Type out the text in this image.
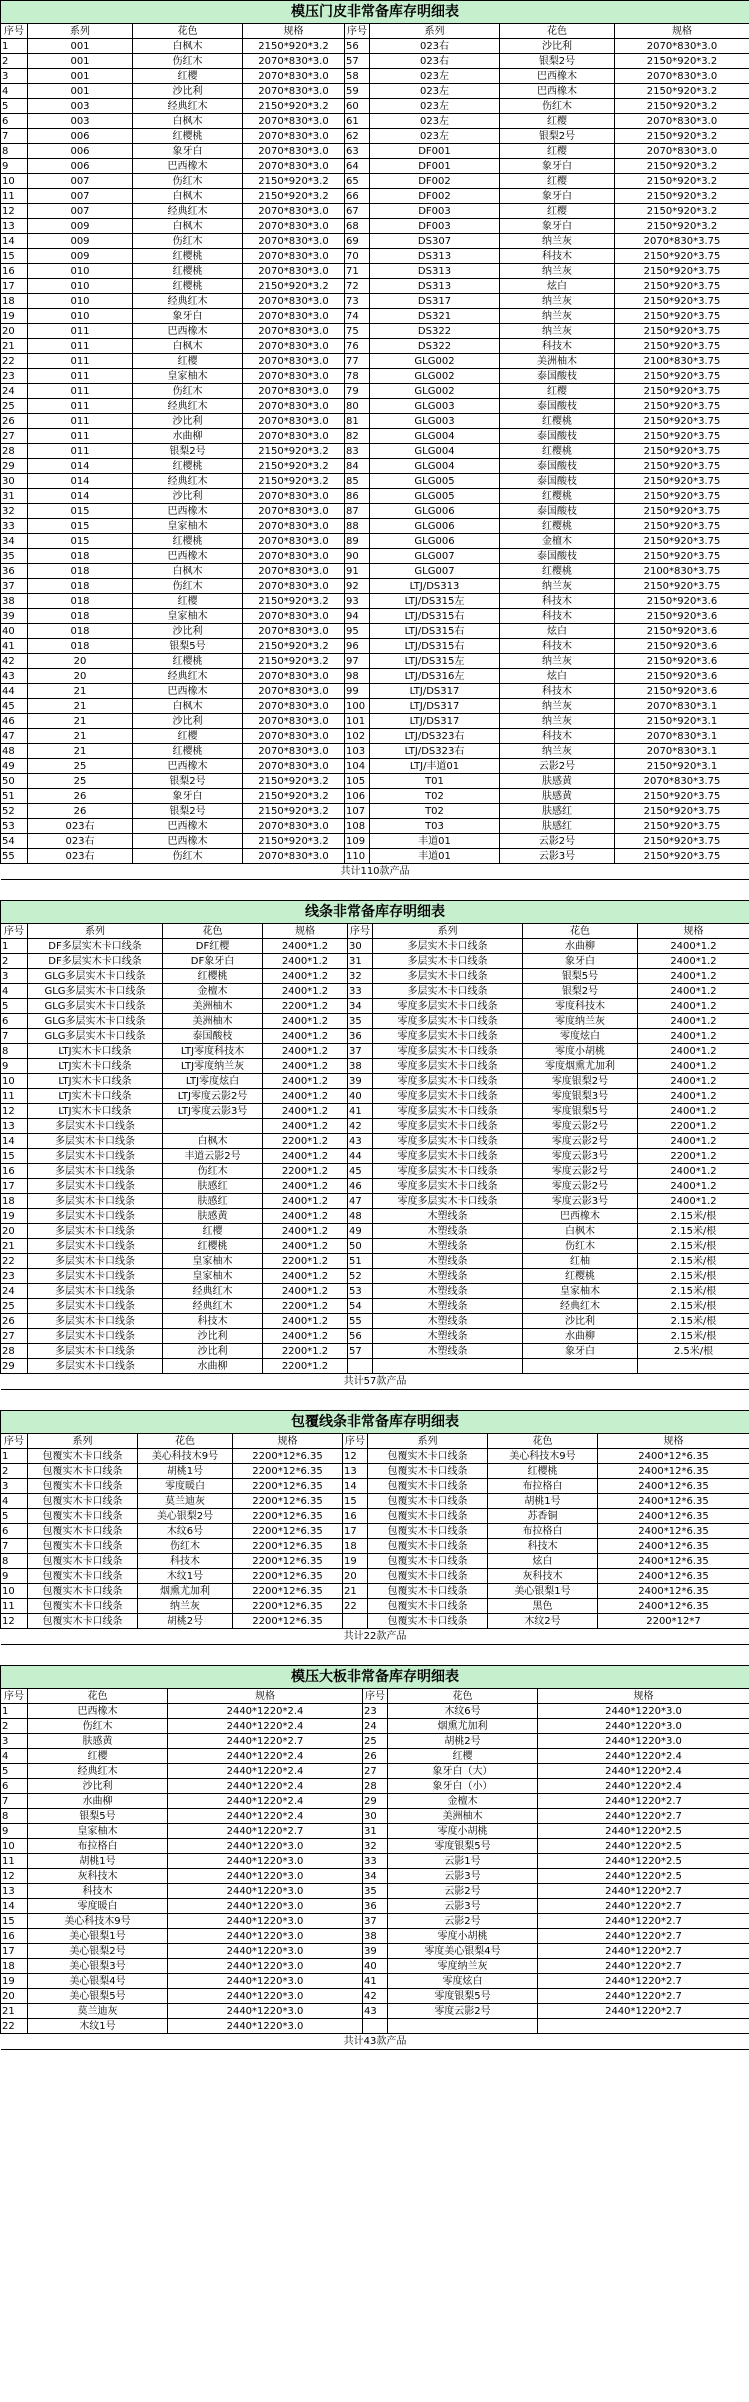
模压门皮非常备库存明细表							
序号	系列	花色	规格	序号	系列	花色	规格
1	001	白枫木	2150*920*3.2	56	023右	沙比利	2070*830*3.0
2	001	伤红木	2070*830*3.0	57	023右	银梨2号	2150*920*3.2
3	001	红樱	2070*830*3.0	58	023左	巴西橡木	2070*830*3.0
4	001	沙比利	2070*830*3.0	59	023左	巴西橡木	2150*920*3.2
5	003	经典红木	2150*920*3.2	60	023左	伤红木	2150*920*3.2
6	003	白枫木	2070*830*3.0	61	023左	红樱	2070*830*3.0
7	006	红樱桃	2070*830*3.0	62	023左	银梨2号	2150*920*3.2
8	006	象牙白	2070*830*3.0	63	DF001	红樱	2070*830*3.0
9	006	巴西橡木	2070*830*3.0	64	DF001	象牙白	2150*920*3.2
10	007	伤红木	2150*920*3.2	65	DF002	红樱	2150*920*3.2
11	007	白枫木	2150*920*3.2	66	DF002	象牙白	2150*920*3.2
12	007	经典红木	2070*830*3.0	67	DF003	红樱	2150*920*3.2
13	009	白枫木	2070*830*3.0	68	DF003	象牙白	2150*920*3.2
14	009	伤红木	2070*830*3.0	69	DS307	纳兰灰	2070*830*3.75
15	009	红樱桃	2070*830*3.0	70	DS313	科技木	2150*920*3.75
16	010	红樱桃	2070*830*3.0	71	DS313	纳兰灰	2150*920*3.75
17	010	红樱桃	2150*920*3.2	72	DS313	炫白	2150*920*3.75
18	010	经典红木	2070*830*3.0	73	DS317	纳兰灰	2150*920*3.75
19	010	象牙白	2070*830*3.0	74	DS321	纳兰灰	2150*920*3.75
20	011	巴西橡木	2070*830*3.0	75	DS322	纳兰灰	2150*920*3.75
21	011	白枫木	2070*830*3.0	76	DS322	科技木	2150*920*3.75
22	011	红樱	2070*830*3.0	77	GLG002	美洲柚木	2100*830*3.75
23	011	皇家柚木	2070*830*3.0	78	GLG002	泰国酸枝	2150*920*3.75
24	011	伤红木	2070*830*3.0	79	GLG002	红樱	2150*920*3.75
25	011	经典红木	2070*830*3.0	80	GLG003	泰国酸枝	2150*920*3.75
26	011	沙比利	2070*830*3.0	81	GLG003	红樱桃	2150*920*3.75
27	011	水曲柳	2070*830*3.0	82	GLG004	泰国酸枝	2150*920*3.75
28	011	银梨2号	2150*920*3.2	83	GLG004	红樱桃	2150*920*3.75
29	014	红樱桃	2150*920*3.2	84	GLG004	泰国酸枝	2150*920*3.75
30	014	经典红木	2150*920*3.2	85	GLG005	泰国酸枝	2150*920*3.75
31	014	沙比利	2070*830*3.0	86	GLG005	红樱桃	2150*920*3.75
32	015	巴西橡木	2070*830*3.0	87	GLG006	泰国酸枝	2150*920*3.75
33	015	皇家柚木	2070*830*3.0	88	GLG006	红樱桃	2150*920*3.75
34	015	红樱桃	2070*830*3.0	89	GLG006	金檀木	2150*920*3.75
35	018	巴西橡木	2070*830*3.0	90	GLG007	泰国酸枝	2150*920*3.75
36	018	白枫木	2070*830*3.0	91	GLG007	红樱桃	2100*830*3.75
37	018	伤红木	2070*830*3.0	92	LTJ/DS313	纳兰灰	2150*920*3.75
38	018	红樱	2150*920*3.2	93	LTJ/DS315左	科技木	2150*920*3.6
39	018	皇家柚木	2070*830*3.0	94	LTJ/DS315右	科技木	2150*920*3.6
40	018	沙比利	2070*830*3.0	95	LTJ/DS315右	炫白	2150*920*3.6
41	018	银梨5号	2150*920*3.2	96	LTJ/DS315右	科技木	2150*920*3.6
42	20	红樱桃	2150*920*3.2	97	LTJ/DS315左	纳兰灰	2150*920*3.6
43	20	经典红木	2070*830*3.0	98	LTJ/DS316左	炫白	2150*920*3.6
44	21	巴西橡木	2070*830*3.0	99	LTJ/DS317	科技木	2150*920*3.6
45	21	白枫木	2070*830*3.0	100	LTJ/DS317	纳兰灰	2070*830*3.1
46	21	沙比利	2070*830*3.0	101	LTJ/DS317	纳兰灰	2150*920*3.1
47	21	红樱	2070*830*3.0	102	LTJ/DS323右	科技木	2070*830*3.1
48	21	红樱桃	2070*830*3.0	103	LTJ/DS323右	纳兰灰	2070*830*3.1
49	25	巴西橡木	2070*830*3.0	104	LTJ/丰道01	云影2号	2150*920*3.1
50	25	银梨2号	2150*920*3.2	105	T01	肤感黄	2070*830*3.75
51	26	象牙白	2150*920*3.2	106	T02	肤感黄	2150*920*3.75
52	26	银梨2号	2150*920*3.2	107	T02	肤感红	2150*920*3.75
53	023右	巴西橡木	2070*830*3.0	108	T03	肤感红	2150*920*3.75
54	023右	巴西橡木	2150*920*3.2	109	丰道01	云影2号	2150*920*3.75
55	023右	伤红木	2070*830*3.0	110	丰道01	云影3号	2150*920*3.75
共计110款产品							
线条非常备库存明细表							
序号	系列	花色	规格	序号	系列	花色	规格
1	DF多层实木卡口线条	DF红樱	2400*1.2	30	多层实木卡口线条	水曲柳	2400*1.2
2	DF多层实木卡口线条	DF象牙白	2400*1.2	31	多层实木卡口线条	象牙白	2400*1.2
3	GLG多层实木卡口线条	红樱桃	2400*1.2	32	多层实木卡口线条	银梨5号	2400*1.2
4	GLG多层实木卡口线条	金檀木	2400*1.2	33	多层实木卡口线条	银梨2号	2400*1.2
5	GLG多层实木卡口线条	美洲柚木	2200*1.2	34	零度多层实木卡口线条	零度科技木	2400*1.2
6	GLG多层实木卡口线条	美洲柚木	2400*1.2	35	零度多层实木卡口线条	零度纳兰灰	2400*1.2
7	GLG多层实木卡口线条	泰国酸枝	2400*1.2	36	零度多层实木卡口线条	零度炫白	2400*1.2
8	LTJ实木卡口线条	LTJ零度科技木	2400*1.2	37	零度多层实木卡口线条	零度小胡桃	2400*1.2
9	LTJ实木卡口线条	LTJ零度纳兰灰	2400*1.2	38	零度多层实木卡口线条	零度烟熏尤加利	2400*1.2
10	LTJ实木卡口线条	LTJ零度炫白	2400*1.2	39	零度多层实木卡口线条	零度银梨2号	2400*1.2
11	LTJ实木卡口线条	LTJ零度云影2号	2400*1.2	40	零度多层实木卡口线条	零度银梨3号	2400*1.2
12	LTJ实木卡口线条	LTJ零度云影3号	2400*1.2	41	零度多层实木卡口线条	零度银梨5号	2400*1.2
13	多层实木卡口线条		2400*1.2	42	零度多层实木卡口线条	零度云影2号	2200*1.2
14	多层实木卡口线条	白枫木	2200*1.2	43	零度多层实木卡口线条	零度云影2号	2400*1.2
15	多层实木卡口线条	丰道云影2号	2400*1.2	44	零度多层实木卡口线条	零度云影3号	2200*1.2
16	多层实木卡口线条	伤红木	2200*1.2	45	零度多层实木卡口线条	零度云影2号	2400*1.2
17	多层实木卡口线条	肤感红	2400*1.2	46	零度多层实木卡口线条	零度云影2号	2400*1.2
18	多层实木卡口线条	肤感红	2400*1.2	47	零度多层实木卡口线条	零度云影3号	2400*1.2
19	多层实木卡口线条	肤感黄	2400*1.2	48	木塑线条	巴西橡木	2.15米/根
20	多层实木卡口线条	红樱	2400*1.2	49	木塑线条	白枫木	2.15米/根
21	多层实木卡口线条	红樱桃	2400*1.2	50	木塑线条	伤红木	2.15米/根
22	多层实木卡口线条	皇家柚木	2200*1.2	51	木塑线条	红柚	2.15米/根
23	多层实木卡口线条	皇家柚木	2400*1.2	52	木塑线条	红樱桃	2.15米/根
24	多层实木卡口线条	经典红木	2400*1.2	53	木塑线条	皇家柚木	2.15米/根
25	多层实木卡口线条	经典红木	2200*1.2	54	木塑线条	经典红木	2.15米/根
26	多层实木卡口线条	科技木	2400*1.2	55	木塑线条	沙比利	2.15米/根
27	多层实木卡口线条	沙比利	2400*1.2	56	木塑线条	水曲柳	2.15米/根
28	多层实木卡口线条	沙比利	2200*1.2	57	木塑线条	象牙白	2.5米/根
29	多层实木卡口线条	水曲柳	2200*1.2				
共计57款产品							
包覆线条非常备库存明细表							
序号	系列	花色	规格	序号	系列	花色	规格
1	包覆实木卡口线条	美心科技木9号	2200*12*6.35	12	包覆实木卡口线条	美心科技木9号	2400*12*6.35
2	包覆实木卡口线条	胡桃1号	2200*12*6.35	13	包覆实木卡口线条	红樱桃	2400*12*6.35
3	包覆实木卡口线条	零度暖白	2200*12*6.35	14	包覆实木卡口线条	布拉格白	2400*12*6.35
4	包覆实木卡口线条	莫兰迪灰	2200*12*6.35	15	包覆实木卡口线条	胡桃1号	2400*12*6.35
5	包覆实木卡口线条	美心银梨2号	2200*12*6.35	16	包覆实木卡口线条	苏香铜	2400*12*6.35
6	包覆实木卡口线条	木纹6号	2200*12*6.35	17	包覆实木卡口线条	布拉格白	2400*12*6.35
7	包覆实木卡口线条	伤红木	2200*12*6.35	18	包覆实木卡口线条	科技木	2400*12*6.35
8	包覆实木卡口线条	科技木	2200*12*6.35	19	包覆实木卡口线条	炫白	2400*12*6.35
9	包覆实木卡口线条	木纹1号	2200*12*6.35	20	包覆实木卡口线条	灰科技木	2400*12*6.35
10	包覆实木卡口线条	烟熏尤加利	2200*12*6.35	21	包覆实木卡口线条	美心银梨1号	2400*12*6.35
11	包覆实木卡口线条	纳兰灰	2200*12*6.35	22	包覆实木卡口线条	黑色	2400*12*6.35
12	包覆实木卡口线条	胡桃2号	2200*12*6.35		包覆实木卡口线条	木纹2号	2200*12*7
共计22款产品							
模压大板非常备库存明细表					
序号	花色	规格	序号	花色	规格
1	巴西橡木	2440*1220*2.4	23	木纹6号	2440*1220*3.0
2	伤红木	2440*1220*2.4	24	烟熏尤加利	2440*1220*3.0
3	肤感黄	2440*1220*2.7	25	胡桃2号	2440*1220*3.0
4	红樱	2440*1220*2.4	26	红樱	2440*1220*2.4
5	经典红木	2440*1220*2.4	27	象牙白（大）	2440*1220*2.4
6	沙比利	2440*1220*2.4	28	象牙白（小）	2440*1220*2.4
7	水曲柳	2440*1220*2.4	29	金檀木	2440*1220*2.7
8	银梨5号	2440*1220*2.4	30	美洲柚木	2440*1220*2.7
9	皇家柚木	2440*1220*2.7	31	零度小胡桃	2440*1220*2.5
10	布拉格白	2440*1220*3.0	32	零度银梨5号	2440*1220*2.5
11	胡桃1号	2440*1220*3.0	33	云影1号	2440*1220*2.5
12	灰科技木	2440*1220*3.0	34	云影3号	2440*1220*2.5
13	科技木	2440*1220*3.0	35	云影2号	2440*1220*2.7
14	零度暖白	2440*1220*3.0	36	云影3号	2440*1220*2.7
15	美心科技木9号	2440*1220*3.0	37	云影2号	2440*1220*2.7
16	美心银梨1号	2440*1220*3.0	38	零度小胡桃	2440*1220*2.7
17	美心银梨2号	2440*1220*3.0	39	零度美心银梨4号	2440*1220*2.7
18	美心银梨3号	2440*1220*3.0	40	零度纳兰灰	2440*1220*2.7
19	美心银梨4号	2440*1220*3.0	41	零度炫白	2440*1220*2.7
20	美心银梨5号	2440*1220*3.0	42	零度银梨5号	2440*1220*2.7
21	莫兰迪灰	2440*1220*3.0	43	零度云影2号	2440*1220*2.7
22	木纹1号	2440*1220*3.0			
共计43款产品					
